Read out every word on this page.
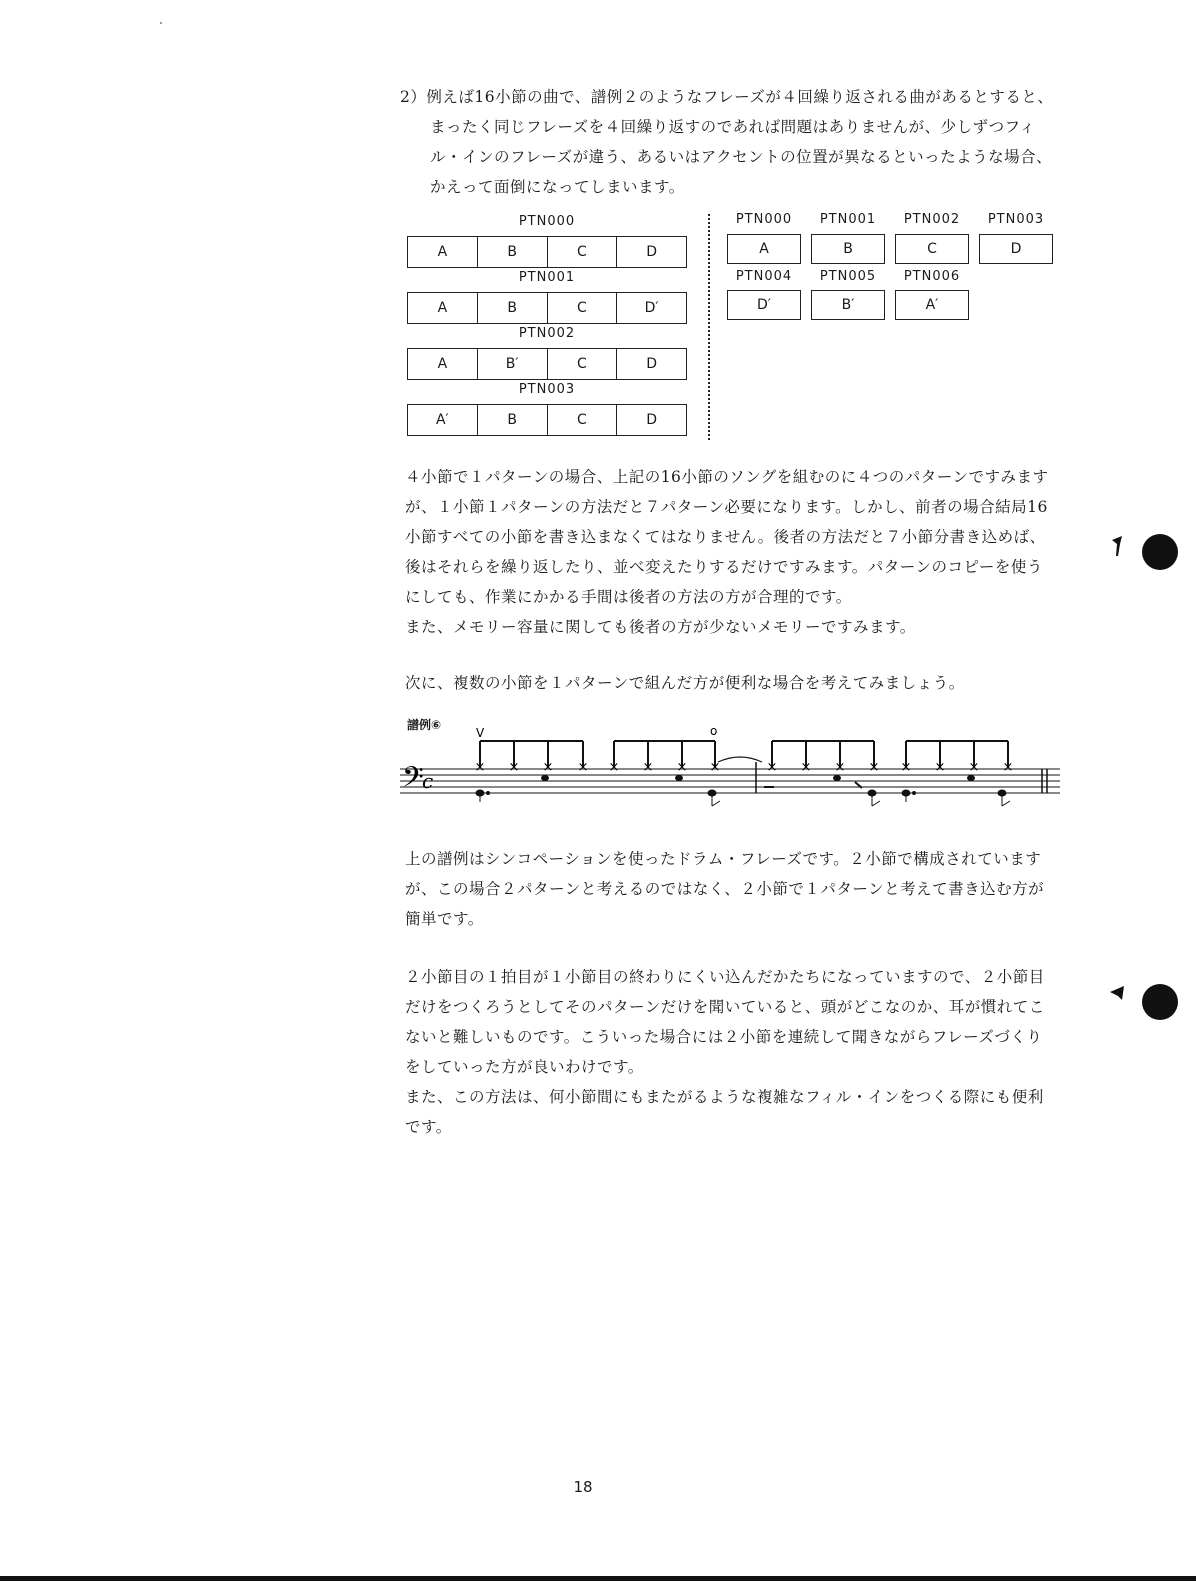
2）例えば16小節の曲で、譜例２のようなフレーズが４回繰り返される曲があるとすると、
まったく同じフレーズを４回繰り返すのであれば問題はありませんが、少しずつフィ
ル・インのフレーズが違う、あるいはアクセントの位置が異なるといったような場合、
かえって面倒になってしまいます。
PTN000
A	B	C	D
PTN001
A	B	C	D′
PTN002
A	B′	C	D
PTN003
A′	B	C	D
PTN000	PTN001	PTN002	PTN003
A	B	C	D
PTN004	PTN005	PTN006
D′	B′	A′
４小節で１パターンの場合、上記の16小節のソングを組むのに４つのパターンですみます
が、１小節１パターンの方法だと７パターン必要になります。しかし、前者の場合結局16
小節すべての小節を書き込まなくてはなりません。後者の方法だと７小節分書き込めば、
後はそれらを繰り返したり、並べ変えたりするだけですみます。パターンのコピーを使う
にしても、作業にかかる手間は後者の方法の方が合理的です。
また、メモリー容量に関しても後者の方が少ないメモリーですみます。
次に、複数の小節を１パターンで組んだ方が便利な場合を考えてみましょう。
譜例⑥
𝄢
c
V	o
× × × × × × × ×	× × × × × × × ×
上の譜例はシンコペーションを使ったドラム・フレーズです。２小節で構成されています
が、この場合２パターンと考えるのではなく、２小節で１パターンと考えて書き込む方が
簡単です。
２小節目の１拍目が１小節目の終わりにくい込んだかたちになっていますので、２小節目
だけをつくろうとしてそのパターンだけを聞いていると、頭がどこなのか、耳が慣れてこ
ないと難しいものです。こういった場合には２小節を連続して聞きながらフレーズづくり
をしていった方が良いわけです。
また、この方法は、何小節間にもまたがるような複雑なフィル・インをつくる際にも便利
です。
18
